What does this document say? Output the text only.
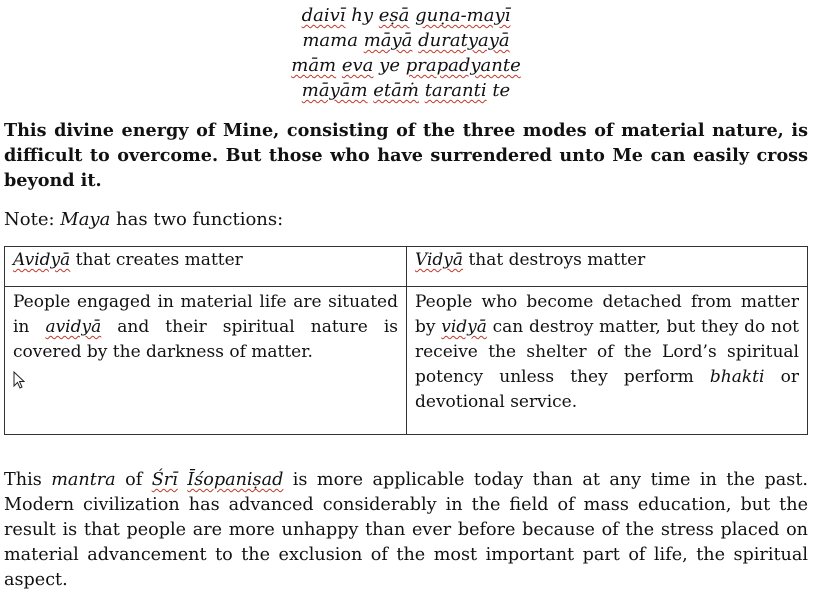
daivī hy eṣā guṇa-mayī
mama māyā duratyayā
mām eva ye prapadyante
māyām etāṁ taranti te

This divine energy of Mine, consisting of the three modes of material nature, is difficult to overcome. But those who have surrendered unto Me can easily cross beyond it.

Note: Maya has two functions:

Avidyā that creates matter	Vidyā that destroys matter
People engaged in material life are situated in avidyā and their spiritual nature is covered by the darkness of matter.	People who become detached from matter by vidyā can destroy matter, but they do not receive the shelter of the Lord’s spiritual potency unless they perform bhakti or devotional service.

This mantra of Śrī Īśopaniṣad is more applicable today than at any time in the past. Modern civilization has advanced considerably in the field of mass education, but the result is that people are more unhappy than ever before because of the stress placed on material advancement to the exclusion of the most important part of life, the spiritual aspect.
